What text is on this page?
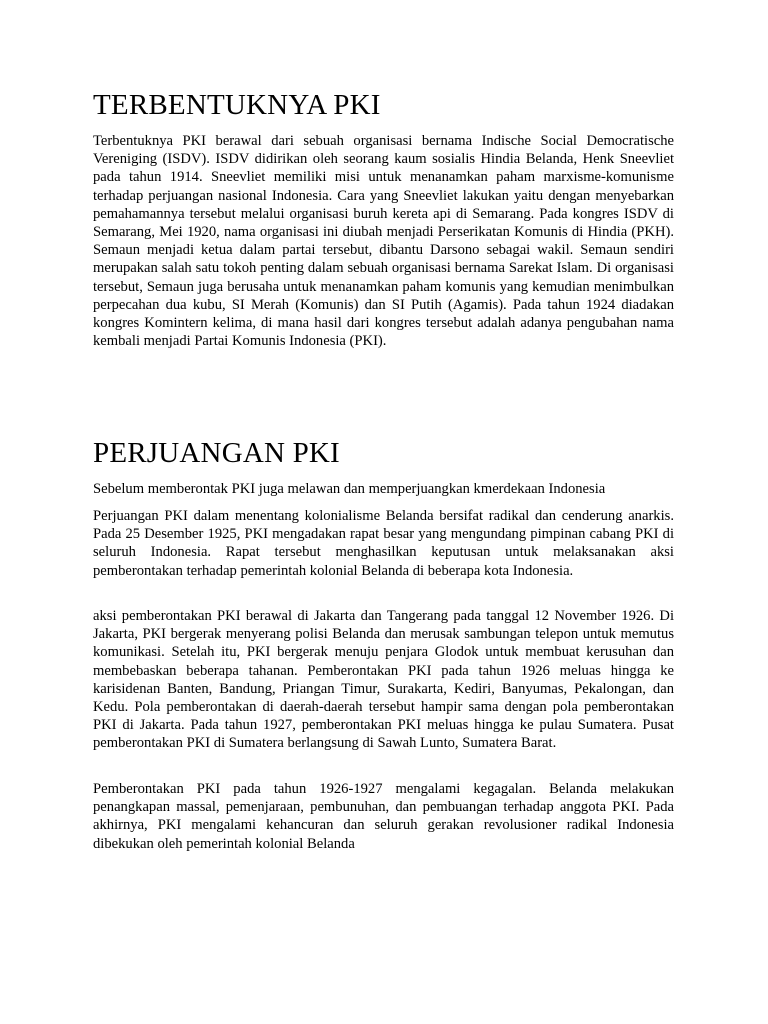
TERBENTUKNYA PKI

Terbentuknya PKI berawal dari sebuah organisasi bernama Indische Social Democratische Vereniging (ISDV). ISDV didirikan oleh seorang kaum sosialis Hindia Belanda, Henk Sneevliet pada tahun 1914. Sneevliet memiliki misi untuk menanamkan paham marxisme-komunisme terhadap perjuangan nasional Indonesia. Cara yang Sneevliet lakukan yaitu dengan menyebarkan pemahamannya tersebut melalui organisasi buruh kereta api di Semarang. Pada kongres ISDV di Semarang, Mei 1920, nama organisasi ini diubah menjadi Perserikatan Komunis di Hindia (PKH). Semaun menjadi ketua dalam partai tersebut, dibantu Darsono sebagai wakil. Semaun sendiri merupakan salah satu tokoh penting dalam sebuah organisasi bernama Sarekat Islam. Di organisasi tersebut, Semaun juga berusaha untuk menanamkan paham komunis yang kemudian menimbulkan perpecahan dua kubu, SI Merah (Komunis) dan SI Putih (Agamis). Pada tahun 1924 diadakan kongres Komintern kelima, di mana hasil dari kongres tersebut adalah adanya pengubahan nama kembali menjadi Partai Komunis Indonesia (PKI).

PERJUANGAN PKI

Sebelum memberontak PKI juga melawan dan memperjuangkan kmerdekaan Indonesia

Perjuangan PKI dalam menentang kolonialisme Belanda bersifat radikal dan cenderung anarkis. Pada 25 Desember 1925, PKI mengadakan rapat besar yang mengundang pimpinan cabang PKI di seluruh Indonesia. Rapat tersebut menghasilkan keputusan untuk melaksanakan aksi pemberontakan terhadap pemerintah kolonial Belanda di beberapa kota Indonesia.

aksi pemberontakan PKI berawal di Jakarta dan Tangerang pada tanggal 12 November 1926. Di Jakarta, PKI bergerak menyerang polisi Belanda dan merusak sambungan telepon untuk memutus komunikasi. Setelah itu, PKI bergerak menuju penjara Glodok untuk membuat kerusuhan dan membebaskan beberapa tahanan. Pemberontakan PKI pada tahun 1926 meluas hingga ke karisidenan Banten, Bandung, Priangan Timur, Surakarta, Kediri, Banyumas, Pekalongan, dan Kedu. Pola pemberontakan di daerah-daerah tersebut hampir sama dengan pola pemberontakan PKI di Jakarta. Pada tahun 1927, pemberontakan PKI meluas hingga ke pulau Sumatera. Pusat pemberontakan PKI di Sumatera berlangsung di Sawah Lunto, Sumatera Barat.

Pemberontakan PKI pada tahun 1926-1927 mengalami kegagalan. Belanda melakukan penangkapan massal, pemenjaraan, pembunuhan, dan pembuangan terhadap anggota PKI. Pada akhirnya, PKI mengalami kehancuran dan seluruh gerakan revolusioner radikal Indonesia dibekukan oleh pemerintah kolonial Belanda
